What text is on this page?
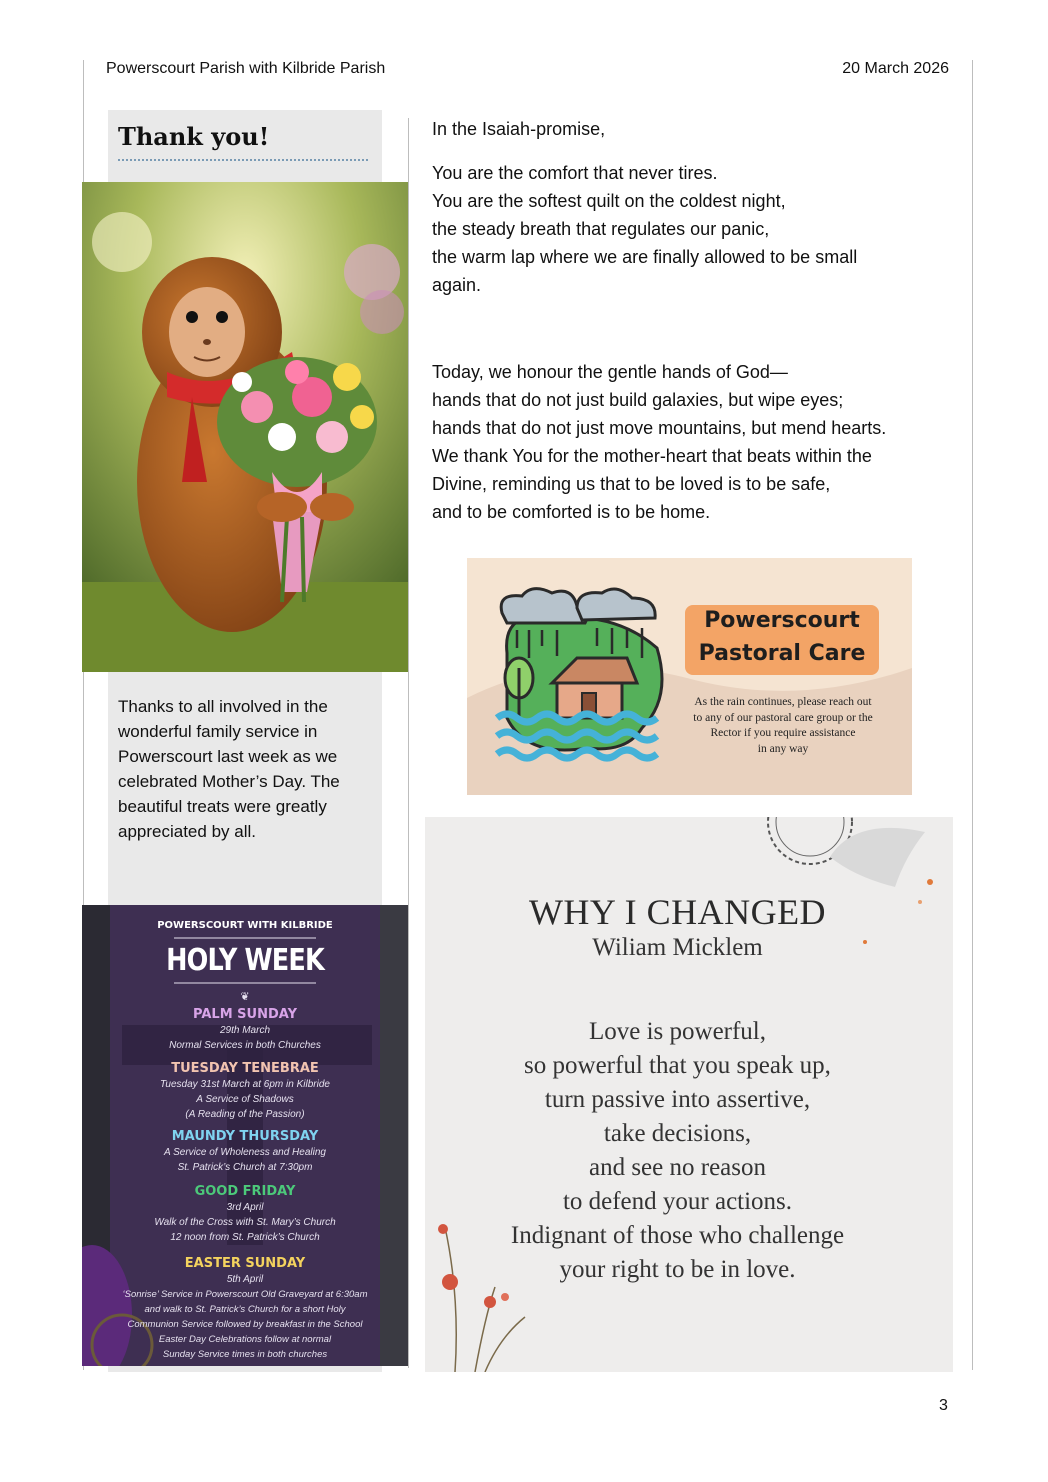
Powerscourt Parish with Kilbride Parish	20 March 2026
Thank you!
Thanks to all involved in the wonderful family service in Powerscourt last week as we celebrated Mother’s Day. The beautiful treats were greatly appreciated by all.
POWERSCOURT WITH KILBRIDE
HOLY WEEK
❦
PALM SUNDAY
29th March
Normal Services in both Churches
TUESDAY TENEBRAE
Tuesday 31st March at 6pm in Kilbride
A Service of Shadows
(A Reading of the Passion)
MAUNDY THURSDAY
A Service of Wholeness and Healing
St. Patrick’s Church at 7:30pm
GOOD FRIDAY
3rd April
Walk of the Cross with St. Mary’s Church
12 noon from St. Patrick’s Church
EASTER SUNDAY
5th April
‘Sonrise’ Service in Powerscourt Old Graveyard at 6:30am
and walk to St. Patrick’s Church for a short Holy
Communion Service followed by breakfast in the School
Easter Day Celebrations follow at normal
Sunday Service times in both churches

In the Isaiah-promise,

You are the comfort that never tires.

You are the softest quilt on the coldest night,

the steady breath that regulates our panic,

the warm lap where we are finally allowed to be small

again.

Today, we honour the gentle hands of God—

hands that do not just build galaxies, but wipe eyes;

hands that do not just move mountains, but mend hearts.

We thank You for the mother-heart that beats within the

Divine, reminding us that to be loved is to be safe,

and to be comforted is to be home.

Powerscourt
Pastoral Care
As the rain continues, please reach out
to any of our pastoral care group or the
Rector if you require assistance
in any way
WHY I CHANGED
Wiliam Micklem
Love is powerful,
so powerful that you speak up,
turn passive into assertive,
take decisions,
and see no reason
to defend your actions.
Indignant of those who challenge
your right to be in love.
3
